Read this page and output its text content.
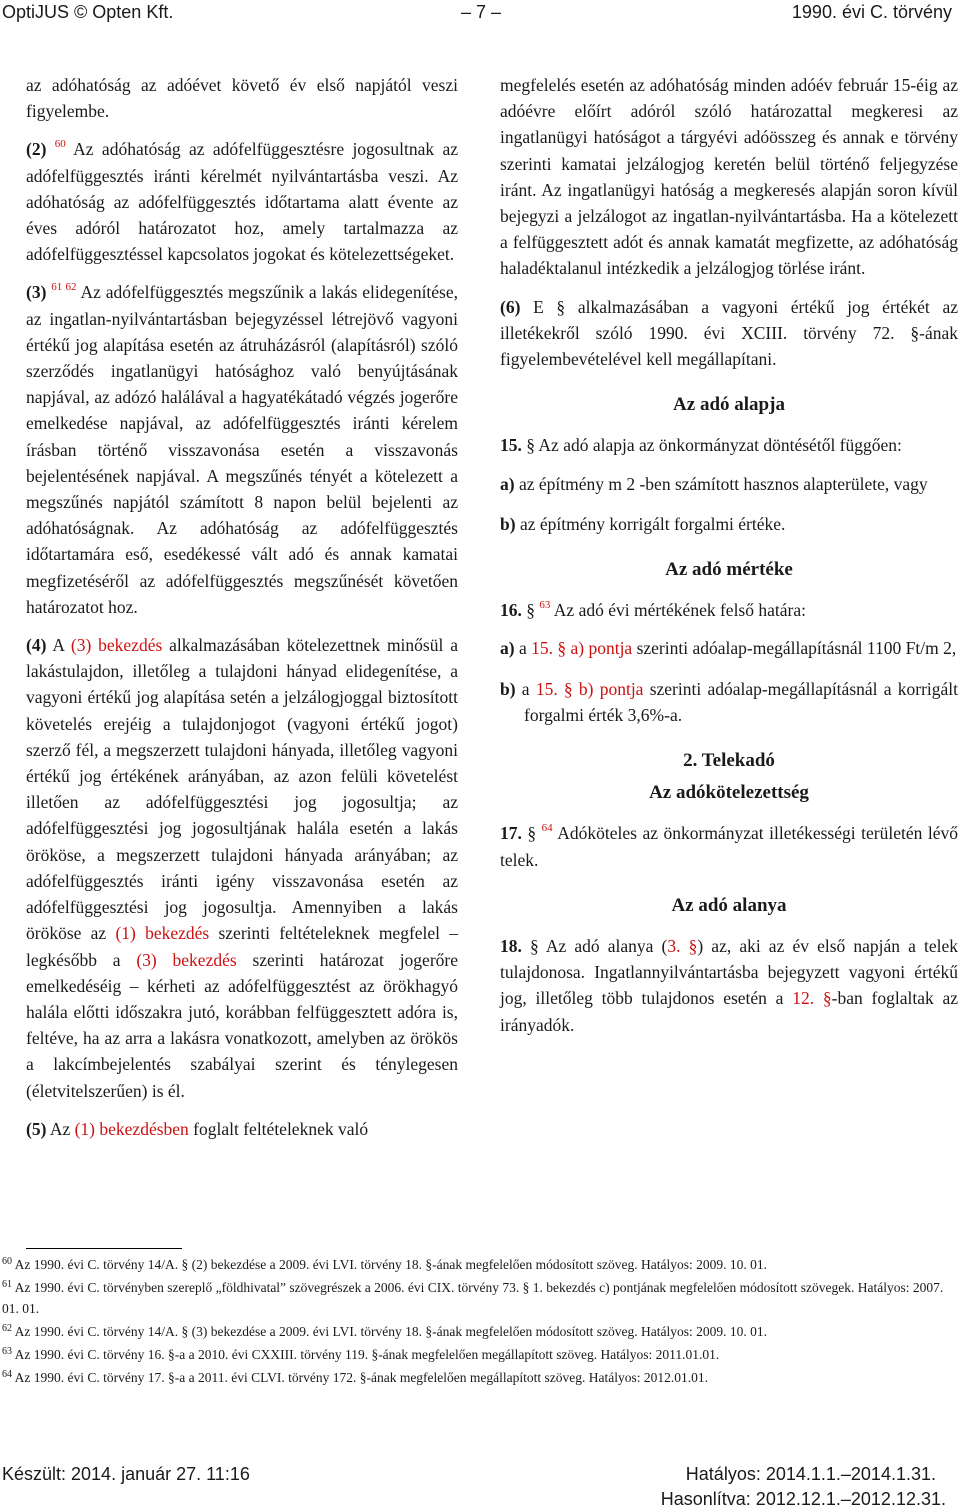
OptiJUS © Opten Kft.	– 7 –	1990. évi C. törvény

az adóhatóság az adóévet követő év első napjától veszi figyelembe.

(2) $^{60}$ Az adóhatóság az adófelfüggesztésre jogosultnak az adófelfüggesztés iránti kérelmét nyilvántartásba veszi. Az adóhatóság az adófelfüggesztés időtartama alatt évente az éves adóról határozatot hoz, amely tartalmazza az adófelfüggesztéssel kapcsolatos jogokat és kötelezettségeket.

(3) $^{61 62}$ Az adófelfüggesztés megszűnik a lakás elidegenítése, az ingatlan-nyilvántartásban bejegyzéssel létrejövő vagyoni értékű jog alapítása esetén az átruházásról (alapításról) szóló szerződés ingatlanügyi hatósághoz való benyújtásának napjával, az adózó halálával a hagyatékátadó végzés jogerőre emelkedése napjával, az adófelfüggesztés iránti kérelem írásban történő visszavonása esetén a visszavonás bejelentésének napjával. A megszűnés tényét a kötelezett a megszűnés napjától számított 8 napon belül bejelenti az adóhatóságnak. Az adóhatóság az adófelfüggesztés időtartamára eső, esedékessé vált adó és annak kamatai megfizetéséről az adófelfüggesztés megszűnését követően határozatot hoz.

(4) A (3) bekezdés alkalmazásában kötelezettnek minősül a lakástulajdon, illetőleg a tulajdoni hányad elidegenítése, a vagyoni értékű jog alapítása setén a jelzálogjoggal biztosított követelés erejéig a tulajdonjogot (vagyoni értékű jogot) szerző fél, a megszerzett tulajdoni hányada, illetőleg vagyoni értékű jog értékének arányában, az azon felüli követelést illetően az adófelfüggesztési jog jogosultja; az adófelfüggesztési jog jogosultjának halála esetén a lakás örököse, a megszerzett tulajdoni hányada arányában; az adófelfüggesztés iránti igény visszavonása esetén az adófelfüggesztési jog jogosultja. Amennyiben a lakás örököse az (1) bekezdés szerinti feltételeknek megfelel – legkésőbb a (3) bekezdés szerinti határozat jogerőre emelkedéséig – kérheti az adófelfüggesztést az örökhagyó halála előtti időszakra jutó, korábban felfüggesztett adóra is, feltéve, ha az arra a lakásra vonatkozott, amelyben az örökös a lakcímbejelentés szabályai szerint és ténylegesen (életvitelszerűen) is él.

(5) Az (1) bekezdésben foglalt feltételeknek való

megfelelés esetén az adóhatóság minden adóév február 15-éig az adóévre előírt adóról szóló határozattal megkeresi az ingatlanügyi hatóságot a tárgyévi adóösszeg és annak e törvény szerinti kamatai jelzálogjog keretén belül történő feljegyzése iránt. Az ingatlanügyi hatóság a megkeresés alapján soron kívül bejegyzi a jelzálogot az ingatlan-nyilvántartásba. Ha a kötelezett a felfüggesztett adót és annak kamatát megfizette, az adóhatóság haladéktalanul intézkedik a jelzálogjog törlése iránt.

(6) E § alkalmazásában a vagyoni értékű jog értékét az illetékekről szóló 1990. évi XCIII. törvény 72. §-ának figyelembevételével kell megállapítani.

Az adó alapja

15. § Az adó alapja az önkormányzat döntésétől függően:

a) az építmény m 2 -ben számított hasznos alapterülete, vagy
b) az építmény korrigált forgalmi értéke.
Az adó mértéke

16. § $^{63}$ Az adó évi mértékének felső határa:

a) a 15. § a) pontja szerinti adóalap-megállapításnál 1100 Ft/m 2,
b) a 15. § b) pontja szerinti adóalap-megállapításnál a korrigált forgalmi érték 3,6%-a.
2. Telekadó
Az adókötelezettség

17. § $^{64}$ Adóköteles az önkormányzat illetékességi területén lévő telek.

Az adó alanya

18. § Az adó alanya (3. §) az, aki az év első napján a telek tulajdonosa. Ingatlannyilvántartásba bejegyzett vagyoni értékű jog, illetőleg több tulajdonos esetén a 12. §-ban foglaltak az irányadók.

$^{60}$ Az 1990. évi C. törvény 14/A. § (2) bekezdése a 2009. évi LVI. törvény 18. §-ának megfelelően módosított szöveg. Hatályos: 2009. 10. 01.
$^{61}$ Az 1990. évi C. törvényben szereplő „földhivatal” szövegrészek a 2006. évi CIX. törvény 73. § 1. bekezdés c) pontjának megfelelően módosított szövegek. Hatályos: 2007. 01. 01.
$^{62}$ Az 1990. évi C. törvény 14/A. § (3) bekezdése a 2009. évi LVI. törvény 18. §-ának megfelelően módosított szöveg. Hatályos: 2009. 10. 01.
$^{63}$ Az 1990. évi C. törvény 16. §-a a 2010. évi CXXIII. törvény 119. §-ának megfelelően megállapított szöveg. Hatályos: 2011.01.01.
$^{64}$ Az 1990. évi C. törvény 17. §-a a 2011. évi CLVI. törvény 172. §-ának megfelelően megállapított szöveg. Hatályos: 2012.01.01.
Készült: 2014. január 27. 11:16	Hatályos: 2014.1.1.–2014.1.31.
Hasonlítva: 2012.12.1.–2012.12.31.
